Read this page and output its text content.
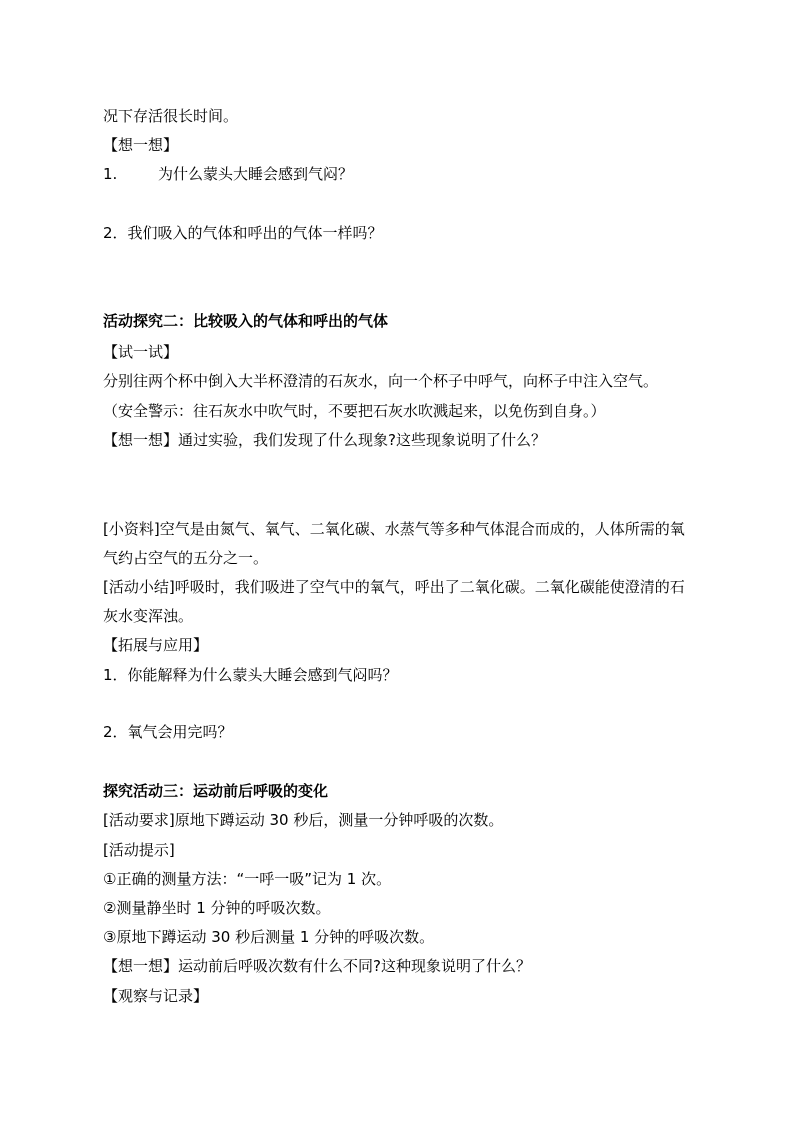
况下存活很长时间。
【想一想】
1.	为什么蒙头大睡会感到气闷？
2．我们吸入的气体和呼出的气体一样吗？
活动探究二：比较吸入的气体和呼出的气体
【试一试】
分别往两个杯中倒入大半杯澄清的石灰水，向一个杯子中呼气，向杯子中注入空气。
（安全警示：往石灰水中吹气时，不要把石灰水吹溅起来，以免伤到自身。）
【想一想】通过实验，我们发现了什么现象?这些现象说明了什么？
[小资料]空气是由氮气、氧气、二氧化碳、水蒸气等多种气体混合而成的，人体所需的氧
气约占空气的五分之一。
[活动小结]呼吸时，我们吸进了空气中的氧气，呼出了二氧化碳。二氧化碳能使澄清的石
灰水变浑浊。
【拓展与应用】
1．你能解释为什么蒙头大睡会感到气闷吗？
2．氧气会用完吗？
探究活动三：运动前后呼吸的变化
[活动要求]原地下蹲运动 30 秒后，测量一分钟呼吸的次数。
[活动提示]
①正确的测量方法：“一呼一吸”记为 1 次。
②测量静坐时 1 分钟的呼吸次数。
③原地下蹲运动 30 秒后测量 1 分钟的呼吸次数。
【想一想】运动前后呼吸次数有什么不同?这种现象说明了什么？
【观察与记录】
